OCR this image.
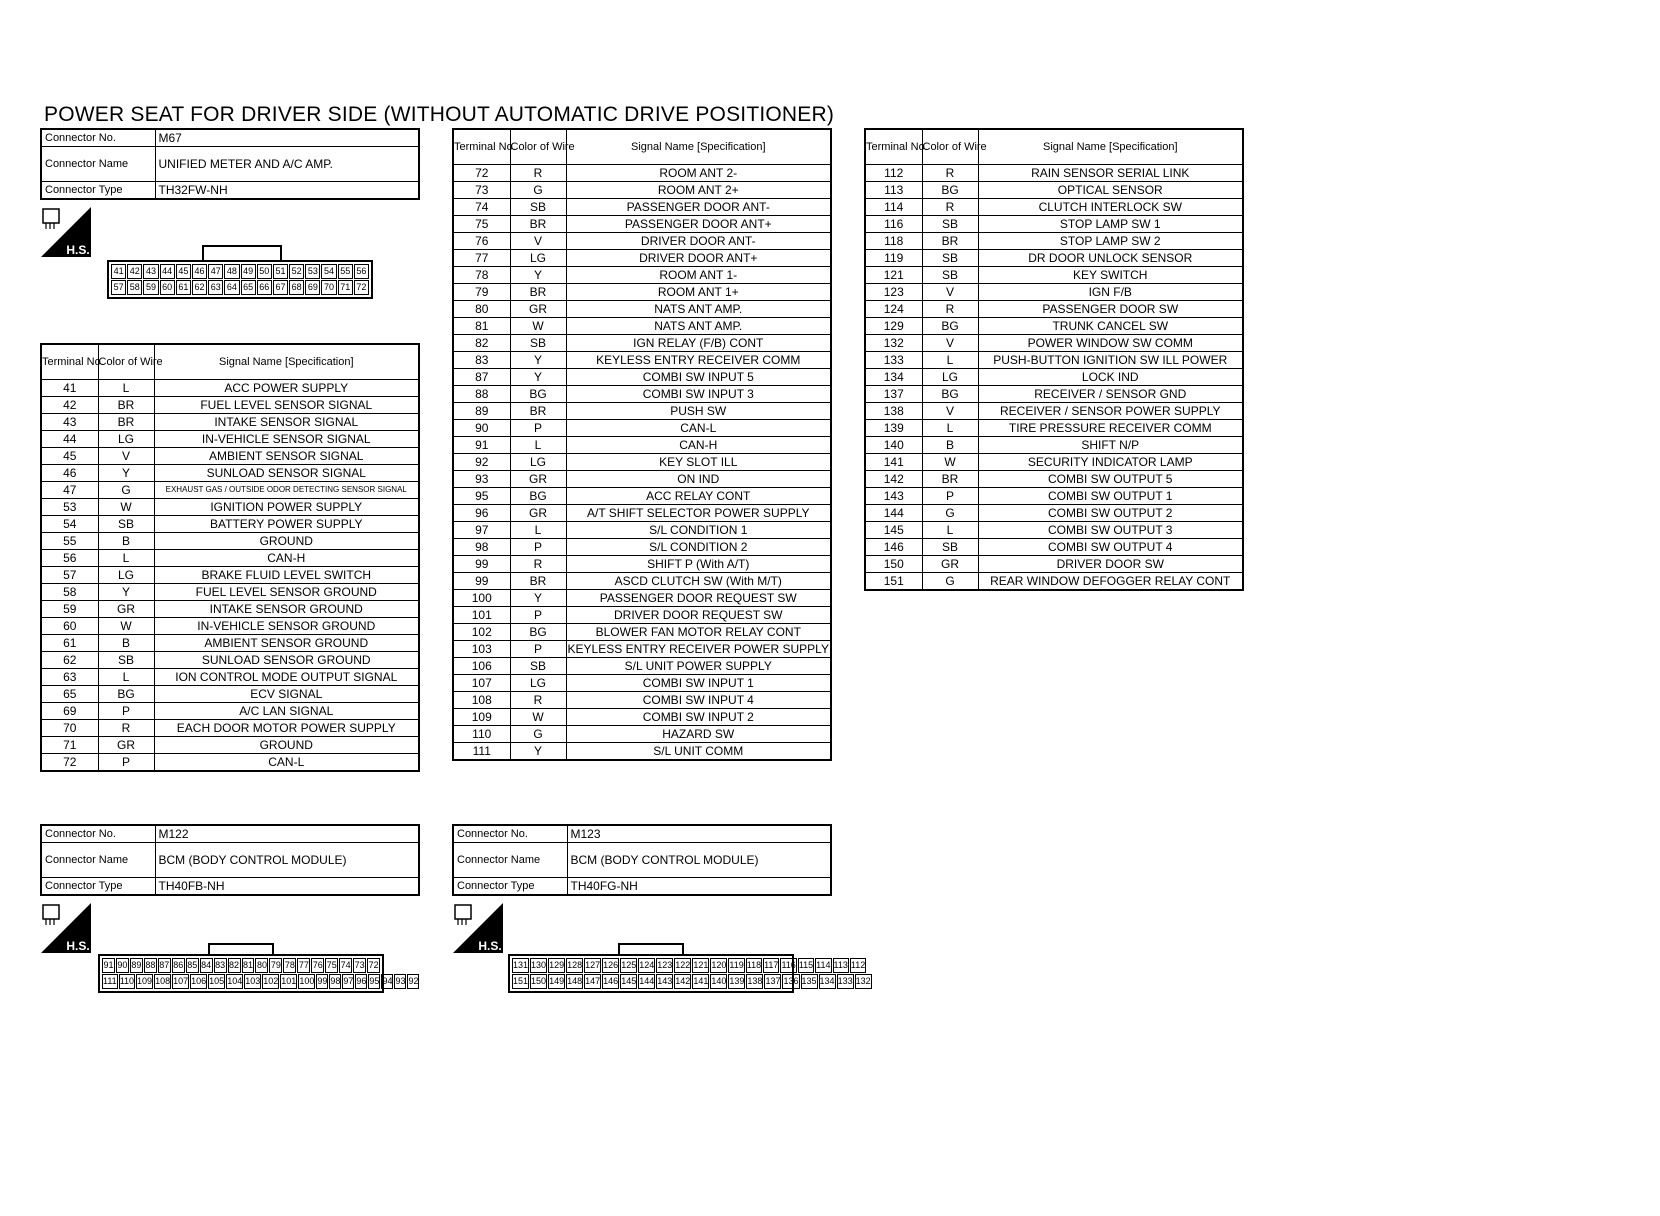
POWER SEAT FOR DRIVER SIDE (WITHOUT AUTOMATIC DRIVE POSITIONER)
Connector No.	M67
Connector Name	UNIFIED METER AND A/C AMP.
Connector Type	TH32FW-NH
H.S.
41 42 43 44 45 46 47 48 49 50 51 52 53 54 55 56
57 58 59 60 61 62 63 64 65 66 67 68 69 70 71 72
Terminal No.	Color of Wire	Signal Name [Specification]
41	L	ACC POWER SUPPLY
42	BR	FUEL LEVEL SENSOR SIGNAL
43	BR	INTAKE SENSOR SIGNAL
44	LG	IN-VEHICLE SENSOR SIGNAL
45	V	AMBIENT SENSOR SIGNAL
46	Y	SUNLOAD SENSOR SIGNAL
47	G	EXHAUST GAS / OUTSIDE ODOR DETECTING SENSOR SIGNAL
53	W	IGNITION POWER SUPPLY
54	SB	BATTERY POWER SUPPLY
55	B	GROUND
56	L	CAN-H
57	LG	BRAKE FLUID LEVEL SWITCH
58	Y	FUEL LEVEL SENSOR GROUND
59	GR	INTAKE SENSOR GROUND
60	W	IN-VEHICLE SENSOR GROUND
61	B	AMBIENT SENSOR GROUND
62	SB	SUNLOAD SENSOR GROUND
63	L	ION CONTROL MODE OUTPUT SIGNAL
65	BG	ECV SIGNAL
69	P	A/C LAN SIGNAL
70	R	EACH DOOR MOTOR POWER SUPPLY
71	GR	GROUND
72	P	CAN-L
Terminal No.	Color of Wire	Signal Name [Specification]
72	R	ROOM ANT 2-
73	G	ROOM ANT 2+
74	SB	PASSENGER DOOR ANT-
75	BR	PASSENGER DOOR ANT+
76	V	DRIVER DOOR ANT-
77	LG	DRIVER DOOR ANT+
78	Y	ROOM ANT 1-
79	BR	ROOM ANT 1+
80	GR	NATS ANT AMP.
81	W	NATS ANT AMP.
82	SB	IGN RELAY (F/B) CONT
83	Y	KEYLESS ENTRY RECEIVER COMM
87	Y	COMBI SW INPUT 5
88	BG	COMBI SW INPUT 3
89	BR	PUSH SW
90	P	CAN-L
91	L	CAN-H
92	LG	KEY SLOT ILL
93	GR	ON IND
95	BG	ACC RELAY CONT
96	GR	A/T SHIFT SELECTOR POWER SUPPLY
97	L	S/L CONDITION 1
98	P	S/L CONDITION 2
99	R	SHIFT P (With A/T)
99	BR	ASCD CLUTCH SW (With M/T)
100	Y	PASSENGER DOOR REQUEST SW
101	P	DRIVER DOOR REQUEST SW
102	BG	BLOWER FAN MOTOR RELAY CONT
103	P	KEYLESS ENTRY RECEIVER POWER SUPPLY
106	SB	S/L UNIT POWER SUPPLY
107	LG	COMBI SW INPUT 1
108	R	COMBI SW INPUT 4
109	W	COMBI SW INPUT 2
110	G	HAZARD SW
111	Y	S/L UNIT COMM
Terminal No.	Color of Wire	Signal Name [Specification]
112	R	RAIN SENSOR SERIAL LINK
113	BG	OPTICAL SENSOR
114	R	CLUTCH INTERLOCK SW
116	SB	STOP LAMP SW 1
118	BR	STOP LAMP SW 2
119	SB	DR DOOR UNLOCK SENSOR
121	SB	KEY SWITCH
123	V	IGN F/B
124	R	PASSENGER DOOR SW
129	BG	TRUNK CANCEL SW
132	V	POWER WINDOW SW COMM
133	L	PUSH-BUTTON IGNITION SW ILL POWER
134	LG	LOCK IND
137	BG	RECEIVER / SENSOR GND
138	V	RECEIVER / SENSOR POWER SUPPLY
139	L	TIRE PRESSURE RECEIVER COMM
140	B	SHIFT N/P
141	W	SECURITY INDICATOR LAMP
142	BR	COMBI SW OUTPUT 5
143	P	COMBI SW OUTPUT 1
144	G	COMBI SW OUTPUT 2
145	L	COMBI SW OUTPUT 3
146	SB	COMBI SW OUTPUT 4
150	GR	DRIVER DOOR SW
151	G	REAR WINDOW DEFOGGER RELAY CONT
Connector No.	M122
Connector Name	BCM (BODY CONTROL MODULE)
Connector Type	TH40FB-NH
H.S.
91 90 89 88 87 86 85 84 83 82 81 80 79 78 77 76 75 74 73 72
111 110 109 108 107 106 105 104 103 102 101 100 99 98 97 96 95 94 93 92
Connector No.	M123
Connector Name	BCM (BODY CONTROL MODULE)
Connector Type	TH40FG-NH
H.S.
131 130 129 128 127 126 125 124 123 122 121 120 119 118 117 116 115 114 113 112
151 150 149 148 147 146 145 144 143 142 141 140 139 138 137 136 135 134 133 132
